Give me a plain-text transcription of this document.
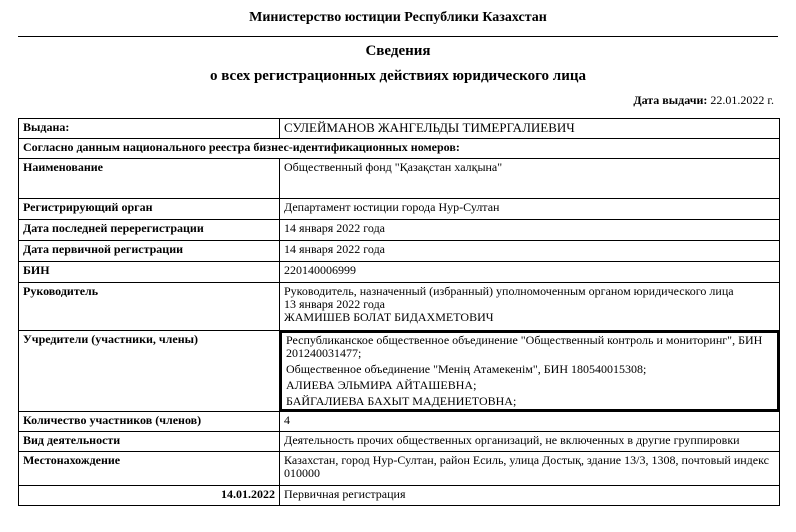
Министерство юстиции Республики Казахстан
Сведения
о всех регистрационных действиях юридического лица
Дата выдачи: 22.01.2022 г.
Выдана:	СУЛЕЙМАНОВ ЖАНГЕЛЬДЫ ТИМЕРГАЛИЕВИЧ
Согласно данным национального реестра бизнес-идентификационных номеров:	
Наименование	Общественный фонд "Қазақстан халқына"
Регистрирующий орган	Департамент юстиции города Нур-Султан
Дата последней перерегистрации	14 января 2022 года
Дата первичной регистрации	14 января 2022 года
БИН	220140006999
Руководитель	Руководитель, назначенный (избранный) уполномоченным органом юридического лица
13 января 2022 года
ЖАМИШЕВ БОЛАТ БИДАХМЕТОВИЧ

Учредители (участники, члены)	Республиканское общественное объединение "Общественный контроль и мониторинг", БИН 201240031477;
Общественное объединение "Менің Атамекенім", БИН 180540015308;
АЛИЕВА ЭЛЬМИРА АЙТАШЕВНА;
БАЙГАЛИЕВА БАХЫТ МАДЕНИЕТОВНА;

Количество участников (членов)	4
Вид деятельности	Деятельность прочих общественных организаций, не включенных в другие группировки
Местонахождение	Казахстан, город Нур-Султан, район Есиль, улица Достық, здание 13/3, 1308, почтовый индекс 010000
14.01.2022	Первичная регистрация
